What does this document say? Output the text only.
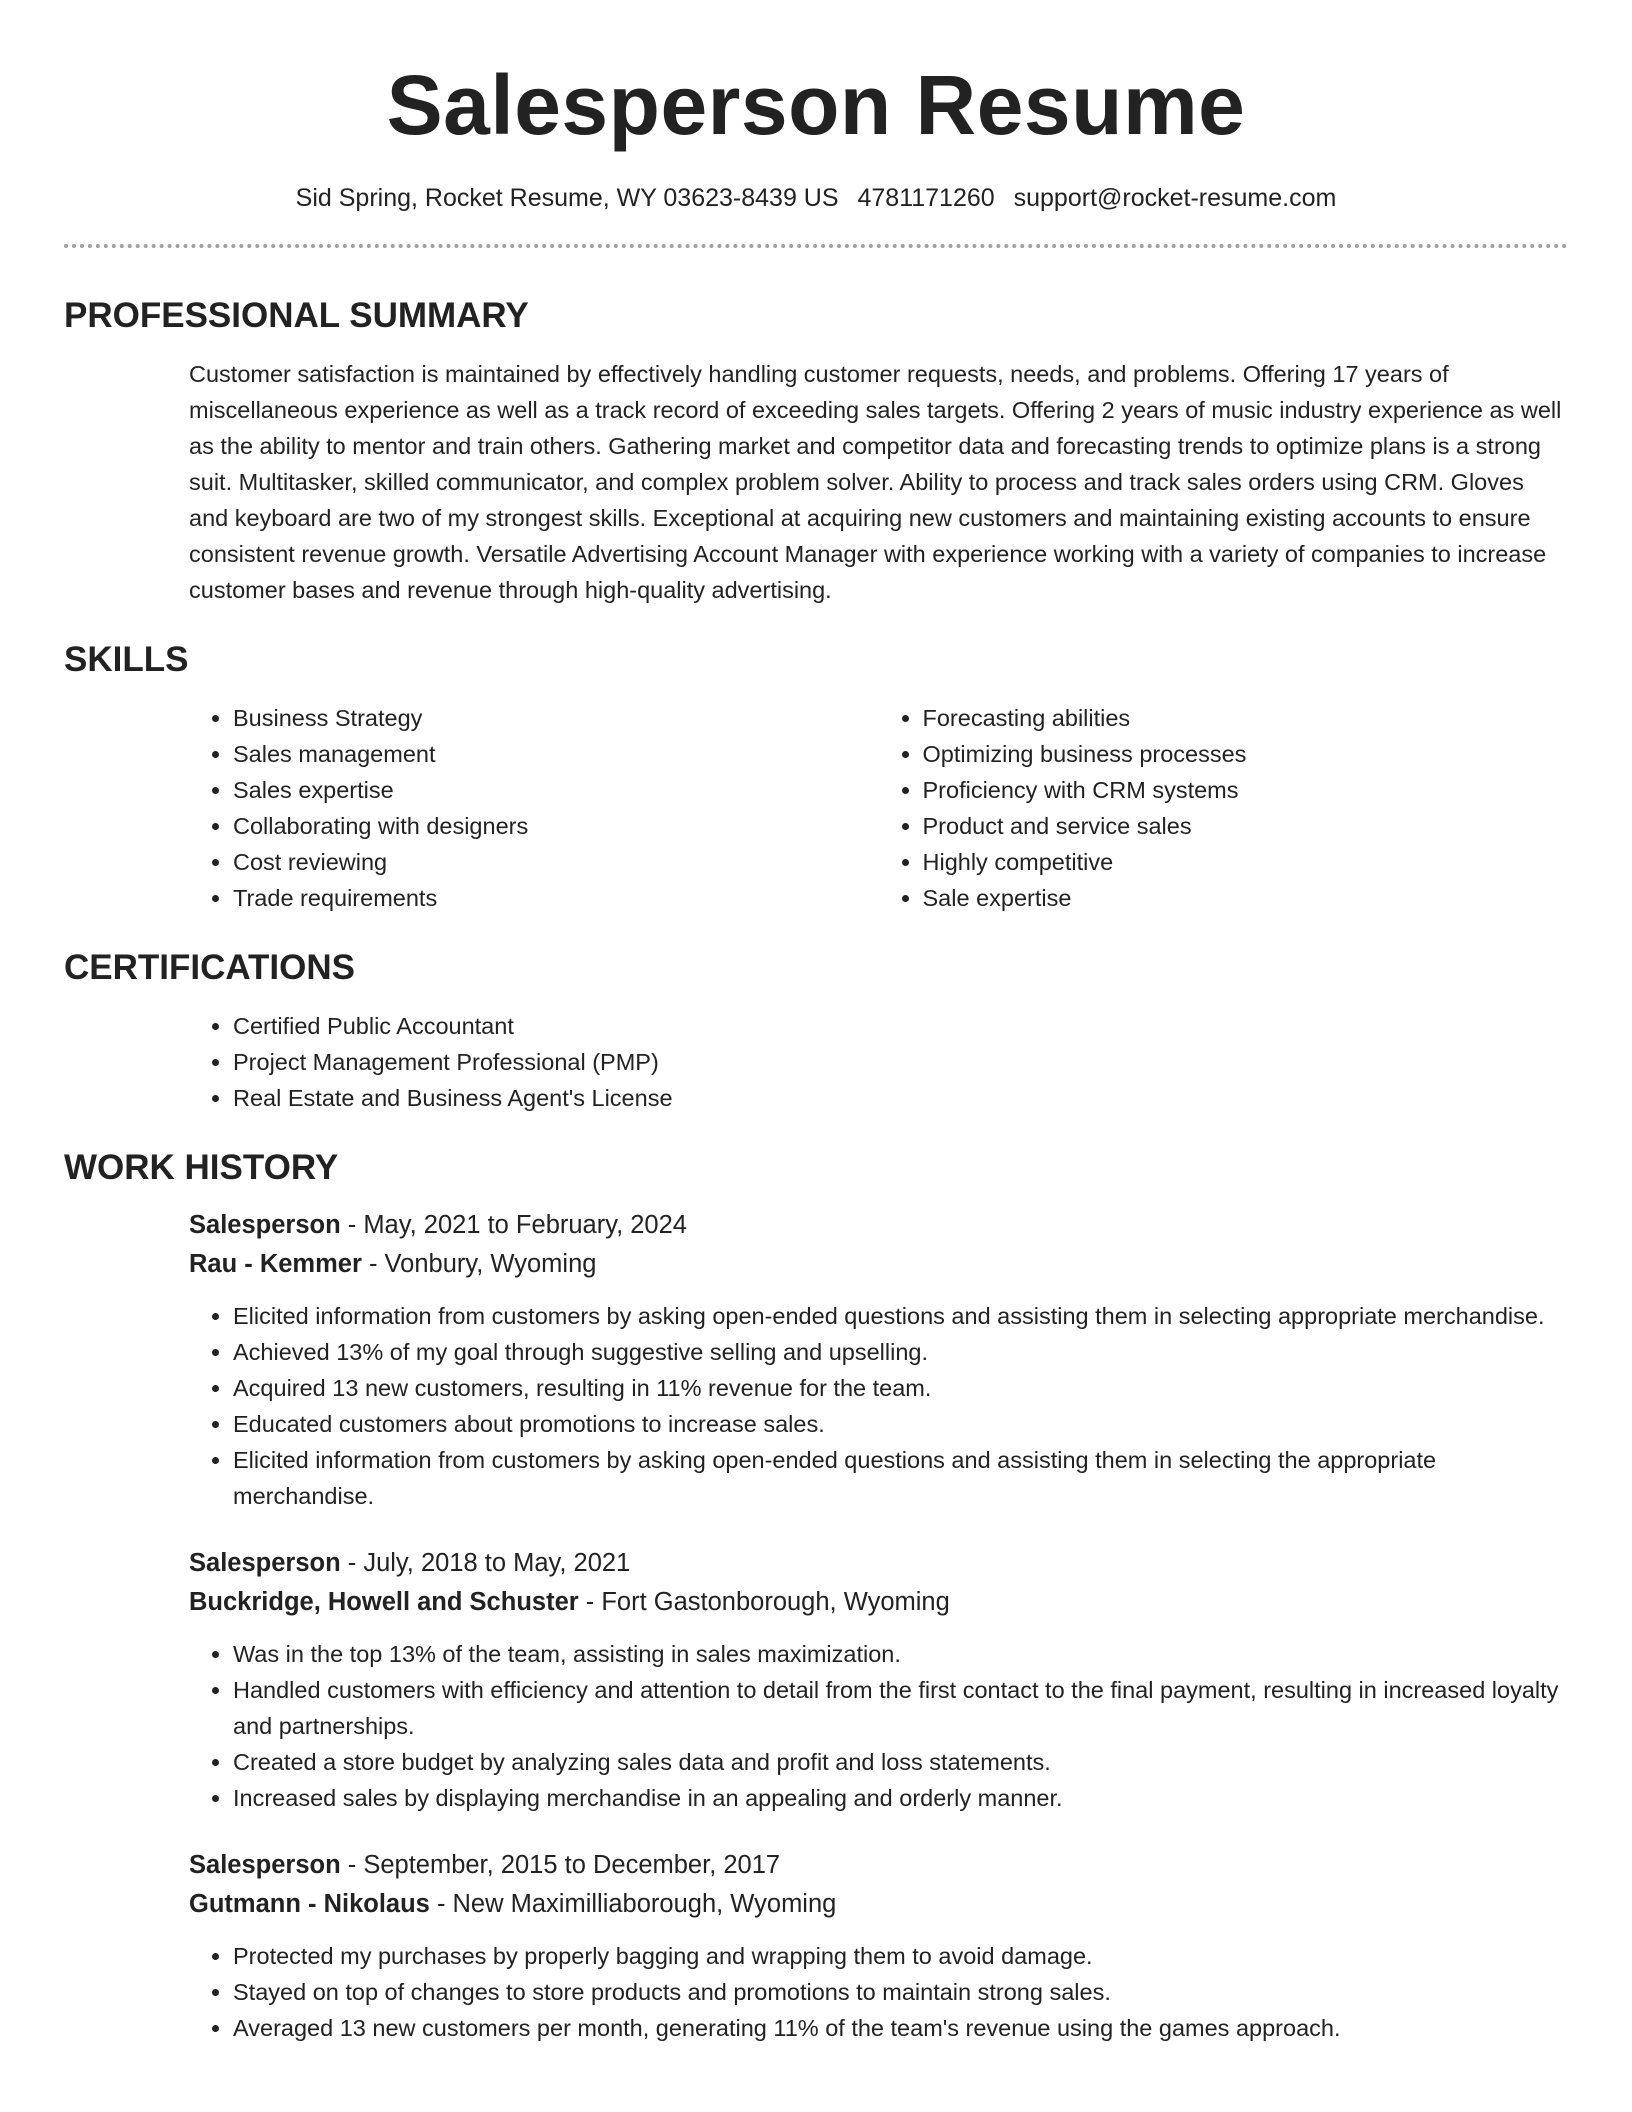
Salesperson Resume
Sid Spring, Rocket Resume, WY 03623-8439 US 4781171260 support@rocket-resume.com
PROFESSIONAL SUMMARY

Customer satisfaction is maintained by effectively handling customer requests, needs, and problems. Offering 17 years of miscellaneous experience as well as a track record of exceeding sales targets. Offering 2 years of music industry experience as well as the ability to mentor and train others. Gathering market and competitor data and forecasting trends to optimize plans is a strong suit. Multitasker, skilled communicator, and complex problem solver. Ability to process and track sales orders using CRM. Gloves and keyboard are two of my strongest skills. Exceptional at acquiring new customers and maintaining existing accounts to ensure consistent revenue growth. Versatile Advertising Account Manager with experience working with a variety of companies to increase customer bases and revenue through high-quality advertising.

SKILLS
• Business Strategy
• Sales management
• Sales expertise
• Collaborating with designers
• Cost reviewing
• Trade requirements
• Forecasting abilities
• Optimizing business processes
• Proficiency with CRM systems
• Product and service sales
• Highly competitive
• Sale expertise
CERTIFICATIONS
• Certified Public Accountant
• Project Management Professional (PMP)
• Real Estate and Business Agent's License
WORK HISTORY

Salesperson - May, 2021 to February, 2024

Rau - Kemmer - Vonbury, Wyoming

• Elicited information from customers by asking open-ended questions and assisting them in selecting appropriate merchandise.
• Achieved 13% of my goal through suggestive selling and upselling.
• Acquired 13 new customers, resulting in 11% revenue for the team.
• Educated customers about promotions to increase sales.
• Elicited information from customers by asking open-ended questions and assisting them in selecting the appropriate merchandise.

Salesperson - July, 2018 to May, 2021

Buckridge, Howell and Schuster - Fort Gastonborough, Wyoming

• Was in the top 13% of the team, assisting in sales maximization.
• Handled customers with efficiency and attention to detail from the first contact to the final payment, resulting in increased loyalty and partnerships.
• Created a store budget by analyzing sales data and profit and loss statements.
• Increased sales by displaying merchandise in an appealing and orderly manner.

Salesperson - September, 2015 to December, 2017

Gutmann - Nikolaus - New Maximilliaborough, Wyoming

• Protected my purchases by properly bagging and wrapping them to avoid damage.
• Stayed on top of changes to store products and promotions to maintain strong sales.
• Averaged 13 new customers per month, generating 11% of the team's revenue using the games approach.
